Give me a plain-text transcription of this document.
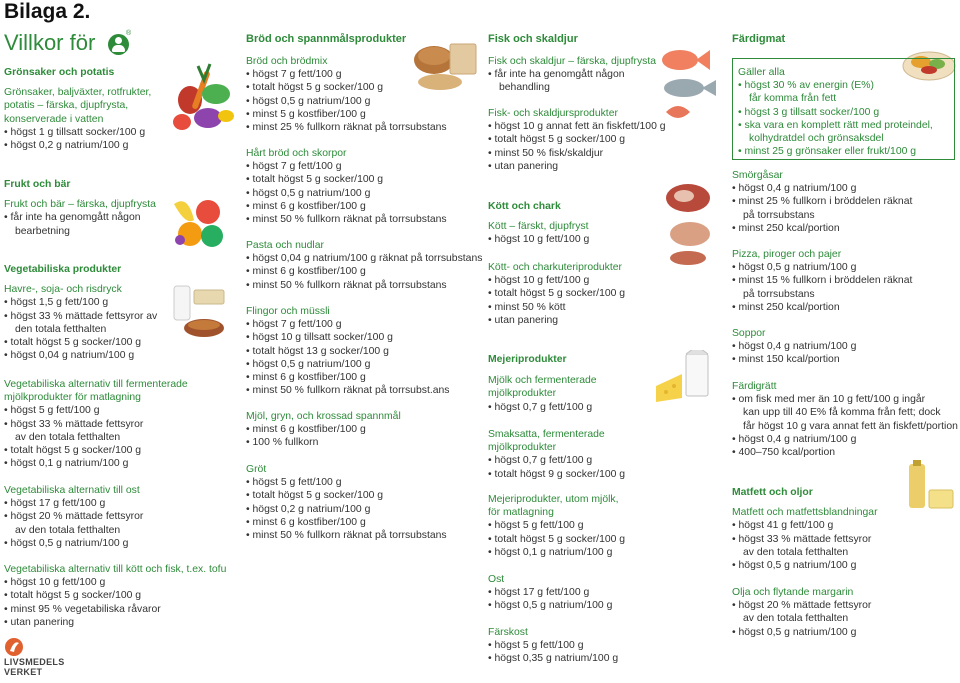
Bilaga 2.
Villkor för	®
Grönsaker och potatis
Grönsaker, baljväxter, rotfrukter,
potatis – färska, djupfrysta,
konserverade i vatten
• högst 1 g tillsatt socker/100 g
• högst 0,2 g natrium/100 g
Frukt och bär
Frukt och bär – färska, djupfrysta
• får inte ha genomgått någon
bearbetning
Vegetabiliska produkter
Havre-, soja- och risdryck
• högst 1,5 g fett/100 g
• högst 33 % mättade fettsyror av
den totala fetthalten
• totalt högst 5 g socker/100 g
• högst 0,04 g natrium/100 g
Vegetabiliska alternativ till fermenterade
mjölkprodukter för matlagning
• högst 5 g fett/100 g
• högst 33 % mättade fettsyror
av den totala fetthalten
• totalt högst 5 g socker/100 g
• högst 0,1 g natrium/100 g
Vegetabiliska alternativ till ost
• högst 17 g fett/100 g
• högst 20 % mättade fettsyror
av den totala fetthalten
• högst 0,5 g natrium/100 g
Vegetabiliska alternativ till kött och fisk, t.ex. tofu
• högst 10 g fett/100 g
• totalt högst 5 g socker/100 g
• minst 95 % vegetabiliska råvaror
• utan panering
LIVSMEDELS
VERKET
Bröd och spannmålsprodukter
Bröd och brödmix
• högst 7 g fett/100 g
• totalt högst 5 g socker/100 g
• högst 0,5 g natrium/100 g
• minst 5 g kostfiber/100 g
• minst 25 % fullkorn räknat på torrsubstans
Hårt bröd och skorpor
• högst 7 g fett/100 g
• totalt högst 5 g socker/100 g
• högst 0,5 g natrium/100 g
• minst 6 g kostfiber/100 g
• minst 50 % fullkorn räknat på torrsubstans
Pasta och nudlar
• högst 0,04 g natrium/100 g räknat på torrsubstans
• minst 6 g kostfiber/100 g
• minst 50 % fullkorn räknat på torrsubstans
Flingor och müssli
• högst 7 g fett/100 g
• högst 10 g tillsatt socker/100 g
• totalt högst 13 g socker/100 g
• högst 0,5 g natrium/100 g
• minst 6 g kostfiber/100 g
• minst 50 % fullkorn räknat på torrsubst.ans
Mjöl, gryn, och krossad spannmål
• minst 6 g kostfiber/100 g
• 100 % fullkorn
Gröt
• högst 5 g fett/100 g
• totalt högst 5 g socker/100 g
• högst 0,2 g natrium/100 g
• minst 6 g kostfiber/100 g
• minst 50 % fullkorn räknat på torrsubstans
Fisk och skaldjur
Fisk och skaldjur – färska, djupfrysta
• får inte ha genomgått någon
behandling
Fisk- och skaldjursprodukter
• högst 10 g annat fett än fiskfett/100 g
• totalt högst 5 g socker/100 g
• minst 50 % fisk/skaldjur
• utan panering
Kött och chark
Kött – färskt, djupfryst
• högst 10 g fett/100 g
Kött- och charkuteriprodukter
• högst 10 g fett/100 g
• totalt högst 5 g socker/100 g
• minst 50 % kött
• utan panering
Mejeriprodukter
Mjölk och fermenterade
mjölkprodukter
• högst 0,7 g fett/100 g
Smaksatta, fermenterade
mjölkprodukter
• högst 0,7 g fett/100 g
• totalt högst 9 g socker/100 g
Mejeriprodukter, utom mjölk,
för matlagning
• högst 5 g fett/100 g
• totalt högst 5 g socker/100 g
• högst 0,1 g natrium/100 g
Ost
• högst 17 g fett/100 g
• högst 0,5 g natrium/100 g
Färskost
• högst 5 g fett/100 g
• högst 0,35 g natrium/100 g
Färdigmat
Gäller alla
• högst 30 % av energin (E%)
får komma från fett
• högst 3 g tillsatt socker/100 g
• ska vara en komplett rätt med proteindel,
kolhydratdel och grönsaksdel
• minst 25 g grönsaker eller frukt/100 g
Smörgåsar
• högst 0,4 g natrium/100 g
• minst 25 % fullkorn i bröddelen räknat
på torrsubstans
• minst 250 kcal/portion
Pizza, piroger och pajer
• högst 0,5 g natrium/100 g
• minst 15 % fullkorn i bröddelen räknat
på torrsubstans
• minst 250 kcal/portion
Soppor
• högst 0,4 g natrium/100 g
• minst 150 kcal/portion
Färdigrätt
• om fisk med mer än 10 g fett/100 g ingår
kan upp till 40 E% få komma från fett; dock
får högst 10 g vara annat fett än fiskfett/portion
• högst 0,4 g natrium/100 g
• 400–750 kcal/portion
Matfett och oljor
Matfett och matfettsblandningar
• högst 41 g fett/100 g
• högst 33 % mättade fettsyror
av den totala fetthalten
• högst 0,5 g natrium/100 g
Olja och flytande margarin
• högst 20 % mättade fettsyror
av den totala fetthalten
• högst 0,5 g natrium/100 g
